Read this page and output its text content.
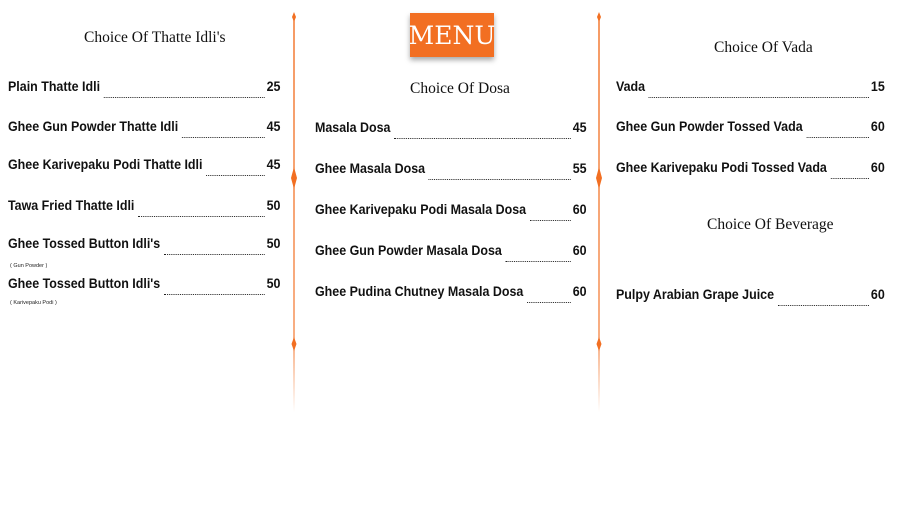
MENU
Choice Of Thatte Idli's
Plain Thatte Idli	25
Ghee Gun Powder Thatte Idli	45
Ghee Karivepaku Podi Thatte Idli	45
Tawa Fried Thatte Idli	50
Ghee Tossed Button Idli's	50
( Gun Powder )
Ghee Tossed Button Idli's	50
( Karivepaku Podi )
Choice Of Dosa
Masala Dosa	45
Ghee Masala Dosa	55
Ghee Karivepaku Podi Masala Dosa	60
Ghee Gun Powder Masala Dosa	60
Ghee Pudina Chutney Masala Dosa	60
Choice Of Vada
Vada	15
Ghee Gun Powder Tossed Vada	60
Ghee Karivepaku Podi Tossed Vada	60
Choice Of Beverage
Pulpy Arabian Grape Juice	60
